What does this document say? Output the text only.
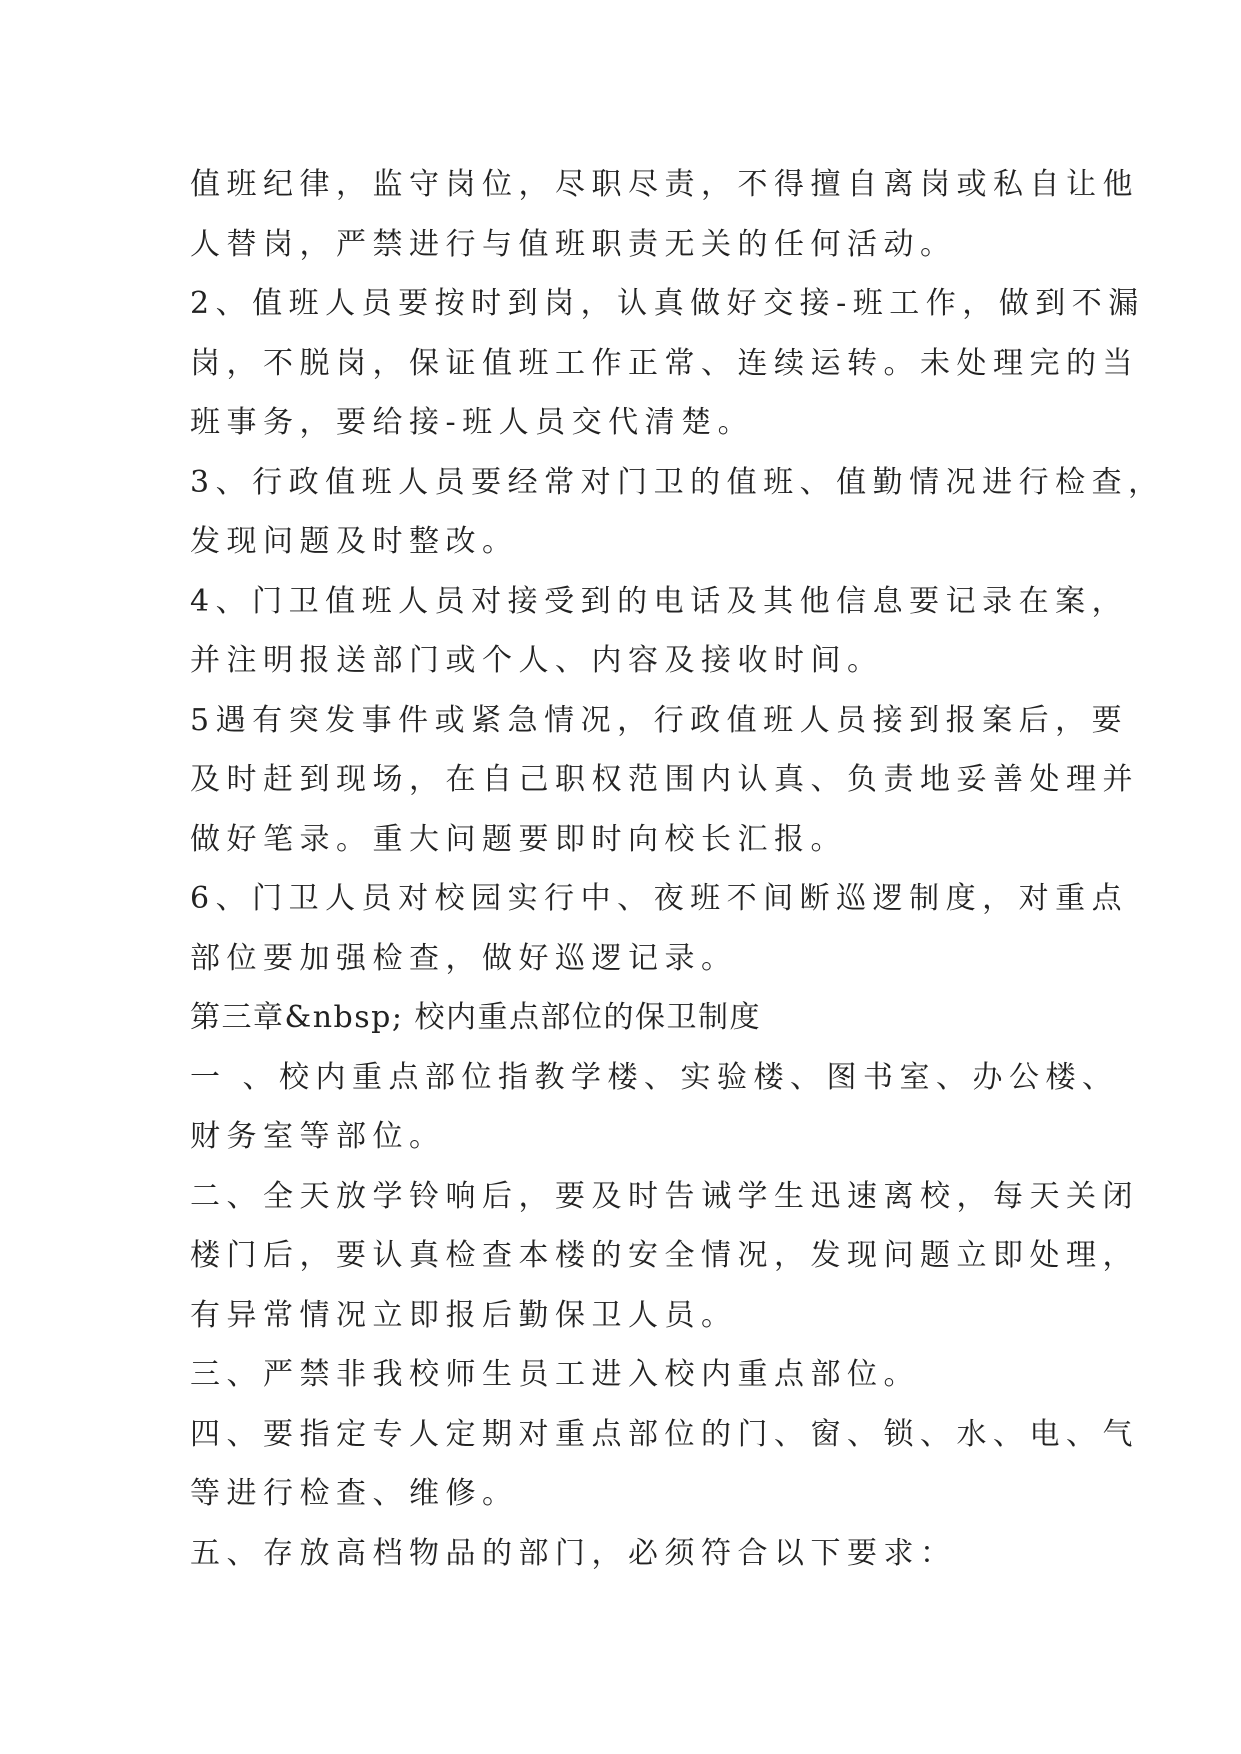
值班纪律，监守岗位，尽职尽责，不得擅自离岗或私自让他
人替岗，严禁进行与值班职责无关的任何活动。
2、值班人员要按时到岗，认真做好交接-班工作，做到不漏
岗，不脱岗，保证值班工作正常、连续运转。未处理完的当
班事务，要给接-班人员交代清楚。
3、行政值班人员要经常对门卫的值班、值勤情况进行检查，
发现问题及时整改。
4、门卫值班人员对接受到的电话及其他信息要记录在案，
并注明报送部门或个人、内容及接收时间。
5遇有突发事件或紧急情况，行政值班人员接到报案后，要
及时赶到现场，在自己职权范围内认真、负责地妥善处理并
做好笔录。重大问题要即时向校长汇报。
6、门卫人员对校园实行中、夜班不间断巡逻制度，对重点
部位要加强检查，做好巡逻记录。
第三章&nbsp; 校内重点部位的保卫制度
一 、校内重点部位指教学楼、实验楼、图书室、办公楼、
财务室等部位。
二、全天放学铃响后，要及时告诫学生迅速离校，每天关闭
楼门后，要认真检查本楼的安全情况，发现问题立即处理，
有异常情况立即报后勤保卫人员。
三、严禁非我校师生员工进入校内重点部位。
四、要指定专人定期对重点部位的门、窗、锁、水、电、气
等进行检查、维修。
五、存放高档物品的部门，必须符合以下要求：
